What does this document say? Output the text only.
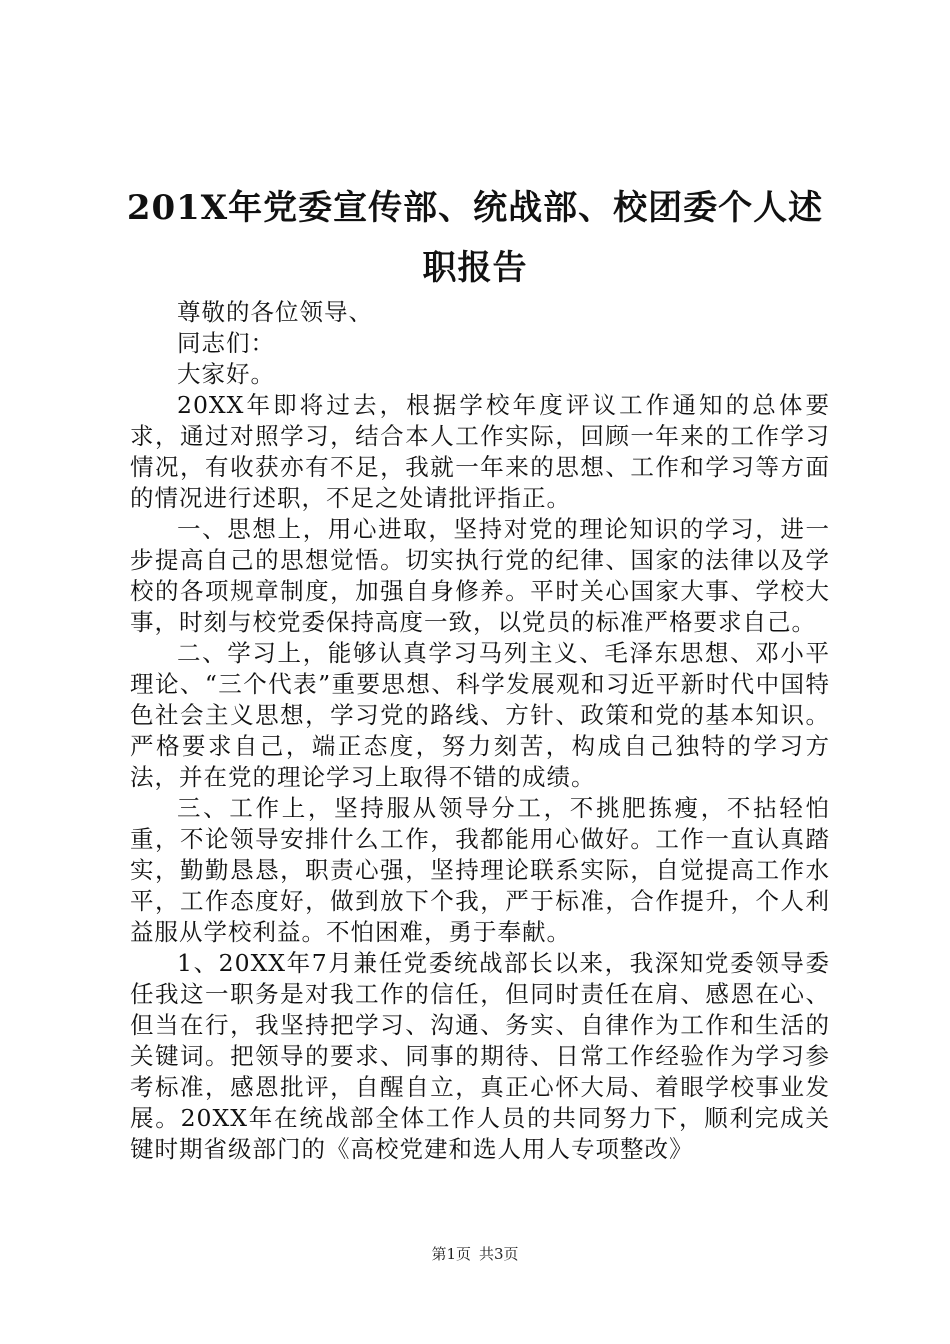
201X年党委宣传部、统战部、校团委个人述
职报告

尊敬的各位领导、

同志们：

大家好。

20XX年即将过去，根据学校年度评议工作通知的总体要求，通过对照学习，结合本人工作实际，回顾一年来的工作学习情况，有收获亦有不足，我就一年来的思想、工作和学习等方面的情况进行述职，不足之处请批评指正。

一、思想上，用心进取，坚持对党的理论知识的学习，进一步提高自己的思想觉悟。切实执行党的纪律、国家的法律以及学校的各项规章制度，加强自身修养。平时关心国家大事、学校大事，时刻与校党委保持高度一致，以党员的标准严格要求自己。

二、学习上，能够认真学习马列主义、毛泽东思想、邓小平理论、“三个代表”重要思想、科学发展观和习近平新时代中国特色社会主义思想，学习党的路线、方针、政策和党的基本知识。严格要求自己，端正态度，努力刻苦，构成自己独特的学习方法，并在党的理论学习上取得不错的成绩。

三、工作上，坚持服从领导分工，不挑肥拣瘦，不拈轻怕重，不论领导安排什么工作，我都能用心做好。工作一直认真踏实，勤勤恳恳，职责心强，坚持理论联系实际，自觉提高工作水平，工作态度好，做到放下个我，严于标准，合作提升，个人利益服从学校利益。不怕困难，勇于奉献。

1、20XX年7月兼任党委统战部长以来，我深知党委领导委任我这一职务是对我工作的信任，但同时责任在肩、感恩在心、但当在行，我坚持把学习、沟通、务实、自律作为工作和生活的关键词。把领导的要求、同事的期待、日常工作经验作为学习参考标准，感恩批评，自醒自立，真正心怀大局、着眼学校事业发展。20XX年在统战部全体工作人员的共同努力下，顺利完成关键时期省级部门的《高校党建和选人用人专项整改》

第1页 共3页
